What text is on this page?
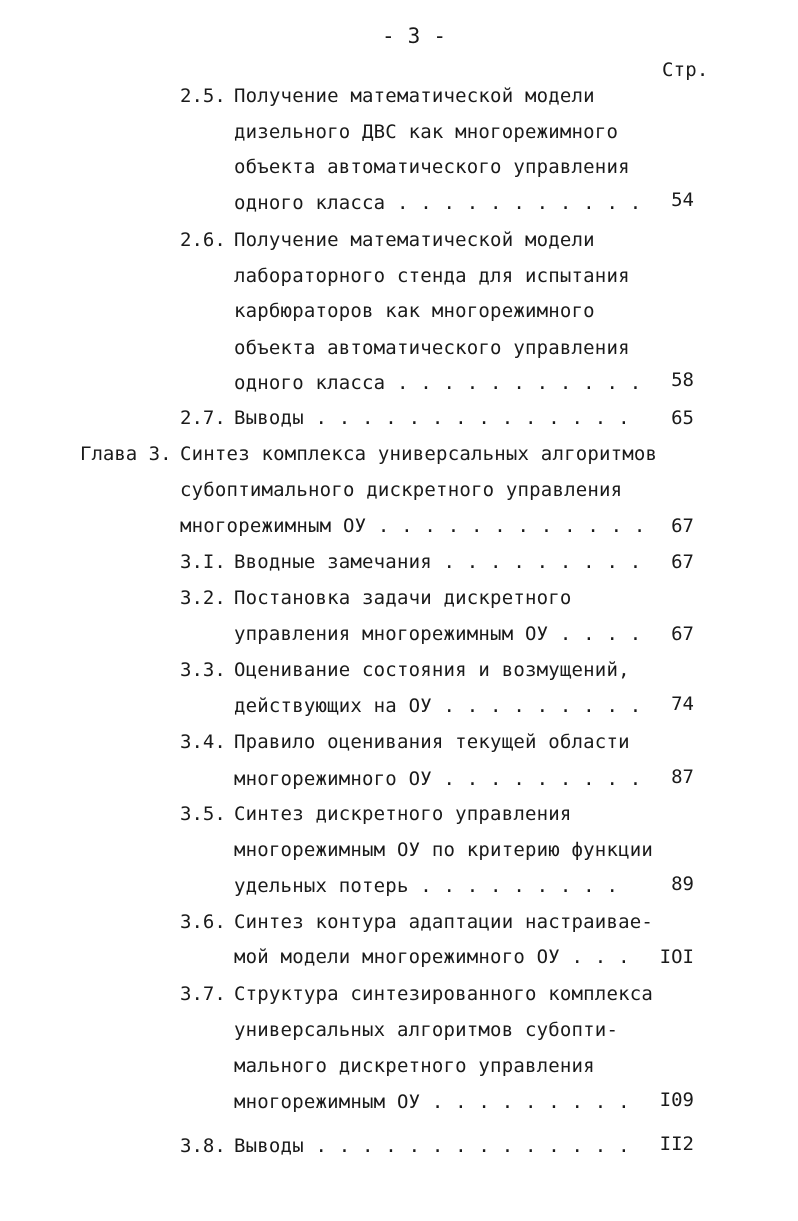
- 3 -
Стр.
2.5. Получение математической модели
дизельного ДВС как многорежимного
объекта автоматического управления
одного класса . . . . . . . . . . .	54
2.6. Получение математической модели
лабораторного стенда для испытания
карбюраторов как многорежимного
объекта автоматического управления
одного класса . . . . . . . . . . .	58
2.7. Выводы . . . . . . . . . . . . . .	65
Глава 3. Синтез комплекса универсальных алгоритмов
субоптимального дискретного управления
многорежимным ОУ . . . . . . . . . . . .	67
3.I. Вводные замечания . . . . . . . . .	67
3.2. Постановка задачи дискретного
управления многорежимным ОУ . . . .	67
3.3. Оценивание состояния и возмущений,
действующих на ОУ . . . . . . . . .	74
3.4. Правило оценивания текущей области
многорежимного ОУ . . . . . . . . .	87
3.5. Синтез дискретного управления
многорежимным ОУ по критерию функции
удельных потерь . . . . . . . . .	89
3.6. Синтез контура адаптации настраивае-
мой модели многорежимного ОУ . . .	IOI
3.7. Структура синтезированного комплекса
универсальных алгоритмов субопти-
мального дискретного управления
многорежимным ОУ . . . . . . . . .	I09
3.8. Выводы . . . . . . . . . . . . . .	II2
